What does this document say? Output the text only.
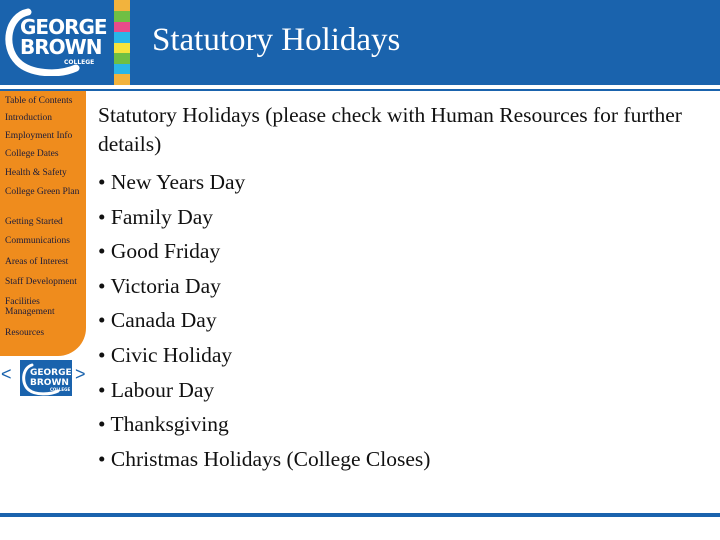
GEORGE
BROWN
COLLEGE
Statutory Holidays
Table of Contents
Introduction
Employment Info
College Dates
Health & Safety
College Green Plan
Getting Started
Communications
Areas of Interest
Staff Development
Facilities Management
Resources
< GEORGE
BROWN
COLLEGE
>

Statutory Holidays (please check with Human Resources for further details)

• New Years Day
• Family Day
• Good Friday
• Victoria Day
• Canada Day
• Civic Holiday
• Labour Day
• Thanksgiving
• Christmas Holidays (College Closes)
